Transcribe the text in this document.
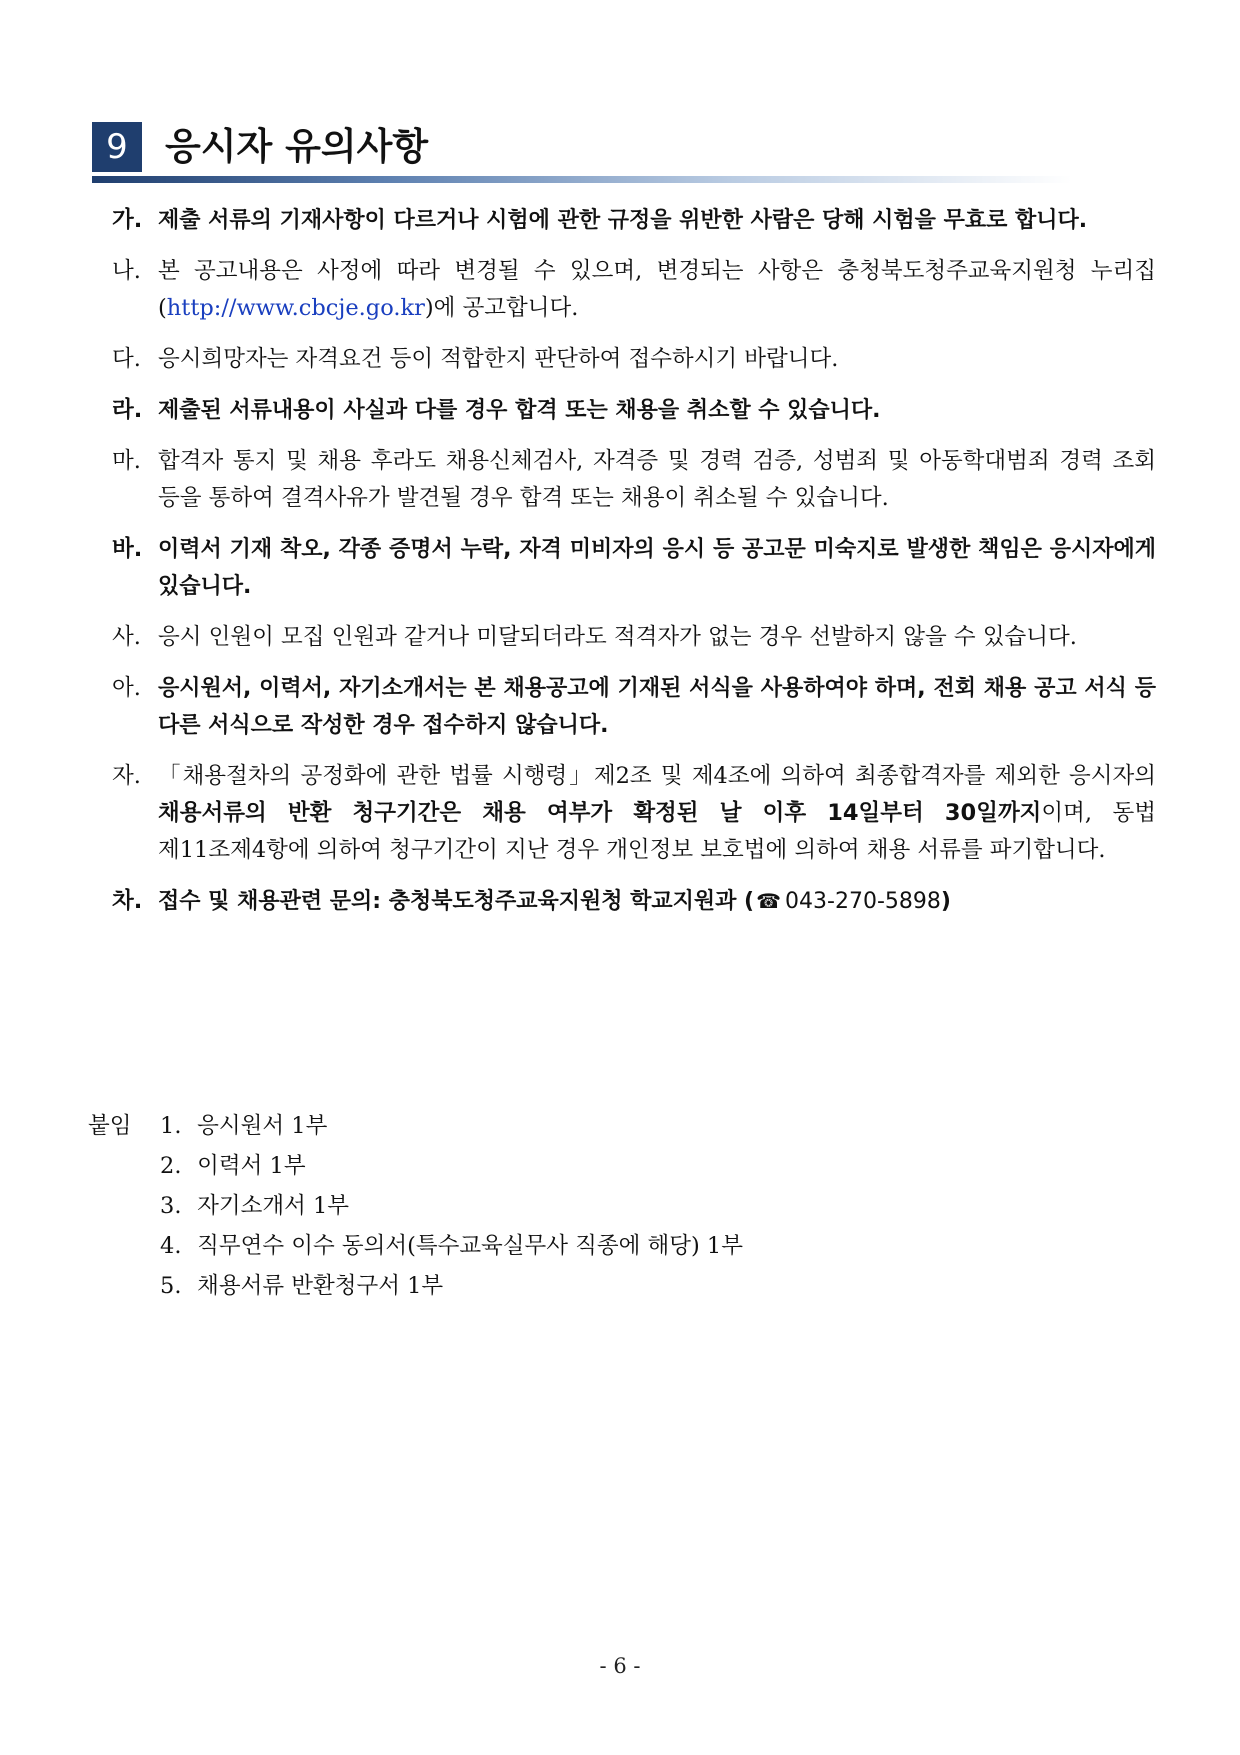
9	응시자 유의사항
가. 제출 서류의 기재사항이 다르거나 시험에 관한 규정을 위반한 사람은 당해 시험을 무효로 합니다.
나. 본 공고내용은 사정에 따라 변경될 수 있으며, 변경되는 사항은 충청북도청주교육지원청 누리집(http://www.cbcje.go.kr)에 공고합니다.
다. 응시희망자는 자격요건 등이 적합한지 판단하여 접수하시기 바랍니다.
라. 제출된 서류내용이 사실과 다를 경우 합격 또는 채용을 취소할 수 있습니다.
마. 합격자 통지 및 채용 후라도 채용신체검사, 자격증 및 경력 검증, 성범죄 및 아동학대범죄 경력 조회 등을 통하여 결격사유가 발견될 경우 합격 또는 채용이 취소될 수 있습니다.
바. 이력서 기재 착오, 각종 증명서 누락, 자격 미비자의 응시 등 공고문 미숙지로 발생한 책임은 응시자에게 있습니다.
사. 응시 인원이 모집 인원과 같거나 미달되더라도 적격자가 없는 경우 선발하지 않을 수 있습니다.
아. 응시원서, 이력서, 자기소개서는 본 채용공고에 기재된 서식을 사용하여야 하며, 전회 채용 공고 서식 등 다른 서식으로 작성한 경우 접수하지 않습니다.
자. 「채용절차의 공정화에 관한 법률 시행령」제2조 및 제4조에 의하여 최종합격자를 제외한 응시자의 채용서류의 반환 청구기간은 채용 여부가 확정된 날 이후 14일부터 30일까지이며, 동법 제11조제4항에 의하여 청구기간이 지난 경우 개인정보 보호법에 의하여 채용 서류를 파기합니다.
차. 접수 및 채용관련 문의: 충청북도청주교육지원청 학교지원과 ( ☎ 043-270-5898)
붙임 1. 응시원서 1부
2. 이력서 1부
3. 자기소개서 1부
4. 직무연수 이수 동의서(특수교육실무사 직종에 해당) 1부
5. 채용서류 반환청구서 1부
- 6 -
